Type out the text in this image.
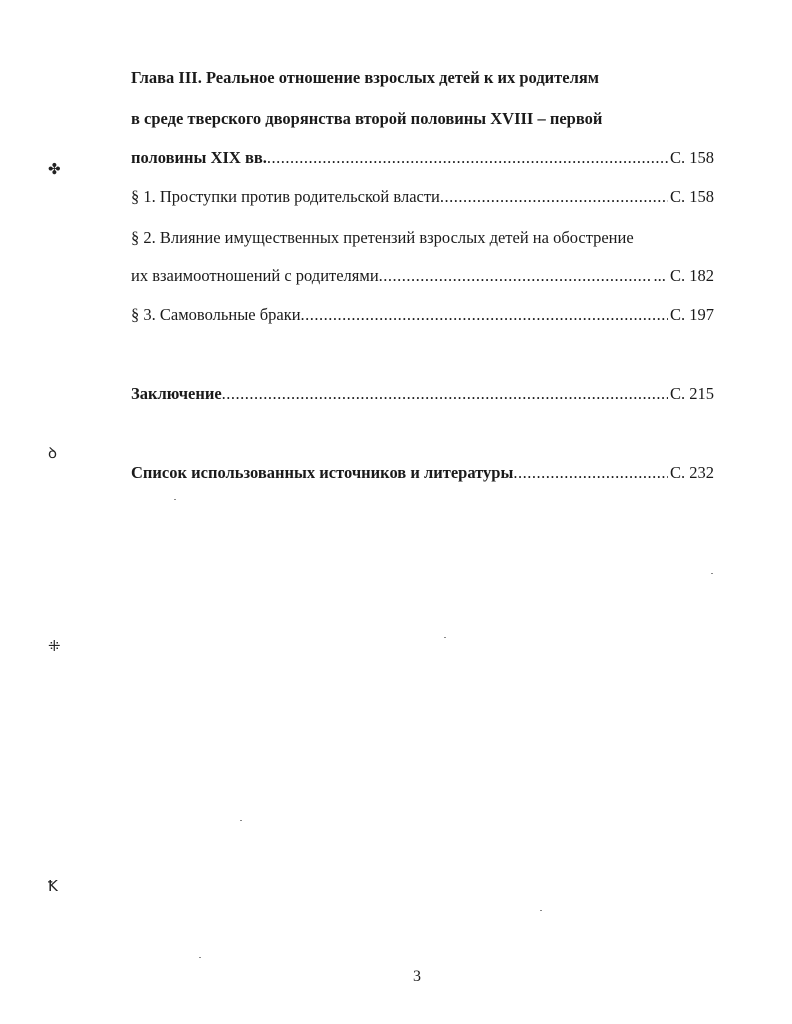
Глава III. Реальное отношение взрослых детей к их родителям
в среде тверского дворянства второй половины XVIII – первой
половины XIX вв. .....	С. 158
§ 1. Проступки против родительской власти .....	С. 158
§ 2. Влияние имущественных претензий взрослых детей на обострение
их взаимоотношений с родителями .....	... С. 182
§ 3. Самовольные браки .....	С. 197
Заключение .....	С. 215
Список использованных источников и литературы .....	С. 232
✤
ꝺ
⁜
Ꝁ
3
